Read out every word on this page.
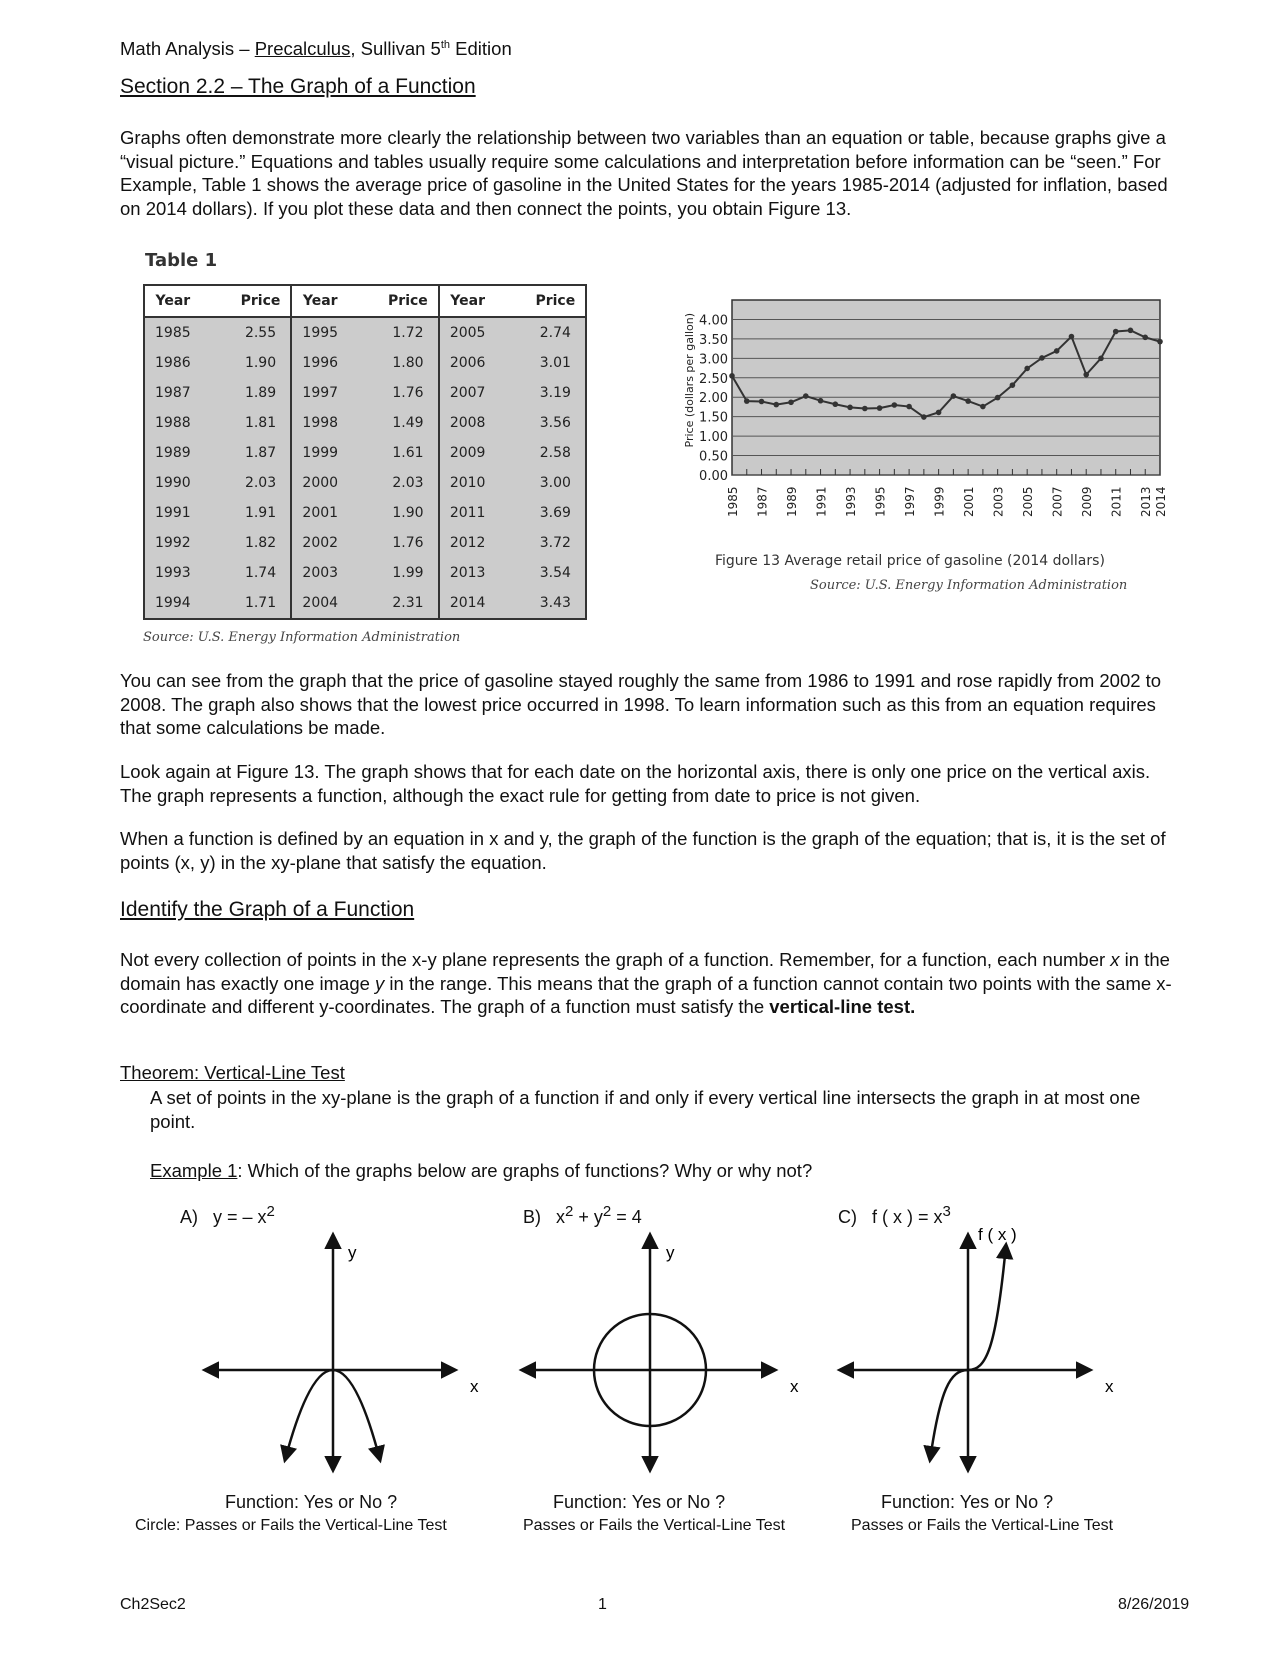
Math Analysis – Precalculus, Sullivan 5th Edition
Section 2.2 – The Graph of a Function

Graphs often demonstrate more clearly the relationship between two variables than an equation or table, because graphs give a “visual picture.” Equations and tables usually require some calculations and interpretation before information can be “seen.” For Example, Table 1 shows the average price of gasoline in the United States for the years 1985-2014 (adjusted for inflation, based on 2014 dollars). If you plot these data and then connect the points, you obtain Figure 13.

Table 1
Year	Price	Year	Price	Year	Price
1985	2.55	1995	1.72	2005	2.74
1986	1.90	1996	1.80	2006	3.01
1987	1.89	1997	1.76	2007	3.19
1988	1.81	1998	1.49	2008	3.56
1989	1.87	1999	1.61	2009	2.58
1990	2.03	2000	2.03	2010	3.00
1991	1.91	2001	1.90	2011	3.69
1992	1.82	2002	1.76	2012	3.72
1993	1.74	2003	1.99	2013	3.54
1994	1.71	2004	2.31	2014	3.43
Source: U.S. Energy Information Administration
0.00
0.50
1.00
1.50
2.00
2.50
3.00
3.50
4.00
1985 1987 1989 1991 1993 1995 1997 1999 2001 2003 2005 2007 2009 2011 2013 2014
Price (dollars per gallon)
Figure 13 Average retail price of gasoline (2014 dollars)
Source: U.S. Energy Information Administration

You can see from the graph that the price of gasoline stayed roughly the same from 1986 to 1991 and rose rapidly from 2002 to 2008. The graph also shows that the lowest price occurred in 1998. To learn information such as this from an equation requires that some calculations be made.

Look again at Figure 13. The graph shows that for each date on the horizontal axis, there is only one price on the vertical axis. The graph represents a function, although the exact rule for getting from date to price is not given.

When a function is defined by an equation in x and y, the graph of the function is the graph of the equation; that is, it is the set of points (x, y) in the xy-plane that satisfy the equation.

Identify the Graph of a Function

Not every collection of points in the x-y plane represents the graph of a function. Remember, for a function, each number x in the domain has exactly one image y in the range. This means that the graph of a function cannot contain two points with the same x-coordinate and different y-coordinates. The graph of a function must satisfy the vertical-line test.

Theorem: Vertical-Line Test

A set of points in the xy-plane is the graph of a function if and only if every vertical line intersects the graph in at most one point.

Example 1: Which of the graphs below are graphs of functions? Why or why not?
A) y = – $x^2$	B) $x^2 + y^2 = 4$	C) f ( x ) = $x^3$
y
x
y
x
f ( x )
x
Function: Yes or No ?
Circle: Passes or Fails the Vertical-Line Test
Function: Yes or No ?
Passes or Fails the Vertical-Line Test
Function: Yes or No ?
Passes or Fails the Vertical-Line Test
Ch2Sec2	1	8/26/2019
